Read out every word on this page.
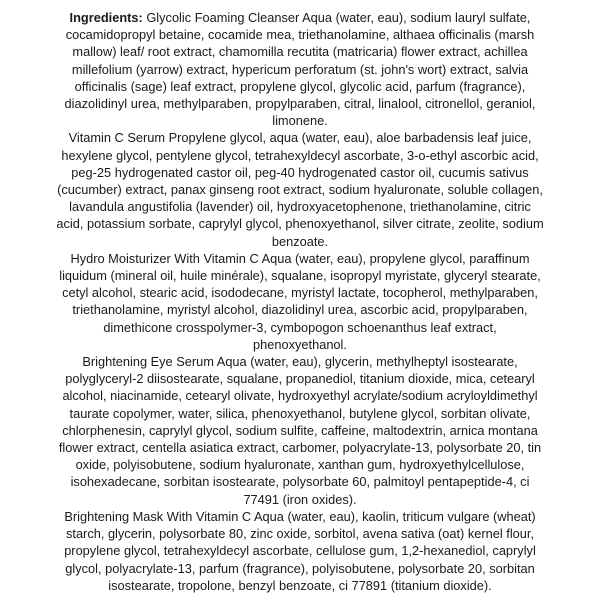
Ingredients: Glycolic Foaming Cleanser Aqua (water, eau), sodium lauryl sulfate, cocamidopropyl betaine, cocamide mea, triethanolamine, althaea officinalis (marsh mallow) leaf/ root extract, chamomilla recutita (matricaria) flower extract, achillea millefolium (yarrow) extract, hypericum perforatum (st. john's wort) extract, salvia officinalis (sage) leaf extract, propylene glycol, glycolic acid, parfum (fragrance), diazolidinyl urea, methylparaben, propylparaben, citral, linalool, citronellol, geraniol, limonene.

Vitamin C Serum Propylene glycol, aqua (water, eau), aloe barbadensis leaf juice, hexylene glycol, pentylene glycol, tetrahexyldecyl ascorbate, 3-o-ethyl ascorbic acid, peg-25 hydrogenated castor oil, peg-40 hydrogenated castor oil, cucumis sativus (cucumber) extract, panax ginseng root extract, sodium hyaluronate, soluble collagen, lavandula angustifolia (lavender) oil, hydroxyacetophenone, triethanolamine, citric acid, potassium sorbate, caprylyl glycol, phenoxyethanol, silver citrate, zeolite, sodium benzoate.

Hydro Moisturizer With Vitamin C Aqua (water, eau), propylene glycol, paraffinum liquidum (mineral oil, huile minérale), squalane, isopropyl myristate, glyceryl stearate, cetyl alcohol, stearic acid, isododecane, myristyl lactate, tocopherol, methylparaben, triethanolamine, myristyl alcohol, diazolidinyl urea, ascorbic acid, propylparaben, dimethicone crosspolymer-3, cymbopogon schoenanthus leaf extract, phenoxyethanol.

Brightening Eye Serum Aqua (water, eau), glycerin, methylheptyl isostearate, polyglyceryl-2 diisostearate, squalane, propanediol, titanium dioxide, mica, cetearyl alcohol, niacinamide, cetearyl olivate, hydroxyethyl acrylate/sodium acryloyldimethyl taurate copolymer, water, silica, phenoxyethanol, butylene glycol, sorbitan olivate, chlorphenesin, caprylyl glycol, sodium sulfite, caffeine, maltodextrin, arnica montana flower extract, centella asiatica extract, carbomer, polyacrylate-13, polysorbate 20, tin oxide, polyisobutene, sodium hyaluronate, xanthan gum, hydroxyethylcellulose, isohexadecane, sorbitan isostearate, polysorbate 60, palmitoyl pentapeptide-4, ci 77491 (iron oxides).

Brightening Mask With Vitamin C Aqua (water, eau), kaolin, triticum vulgare (wheat) starch, glycerin, polysorbate 80, zinc oxide, sorbitol, avena sativa (oat) kernel flour, propylene glycol, tetrahexyldecyl ascorbate, cellulose gum, 1,2-hexanediol, caprylyl glycol, polyacrylate-13, parfum (fragrance), polyisobutene, polysorbate 20, sorbitan isostearate, tropolone, benzyl benzoate, ci 77891 (titanium dioxide).
